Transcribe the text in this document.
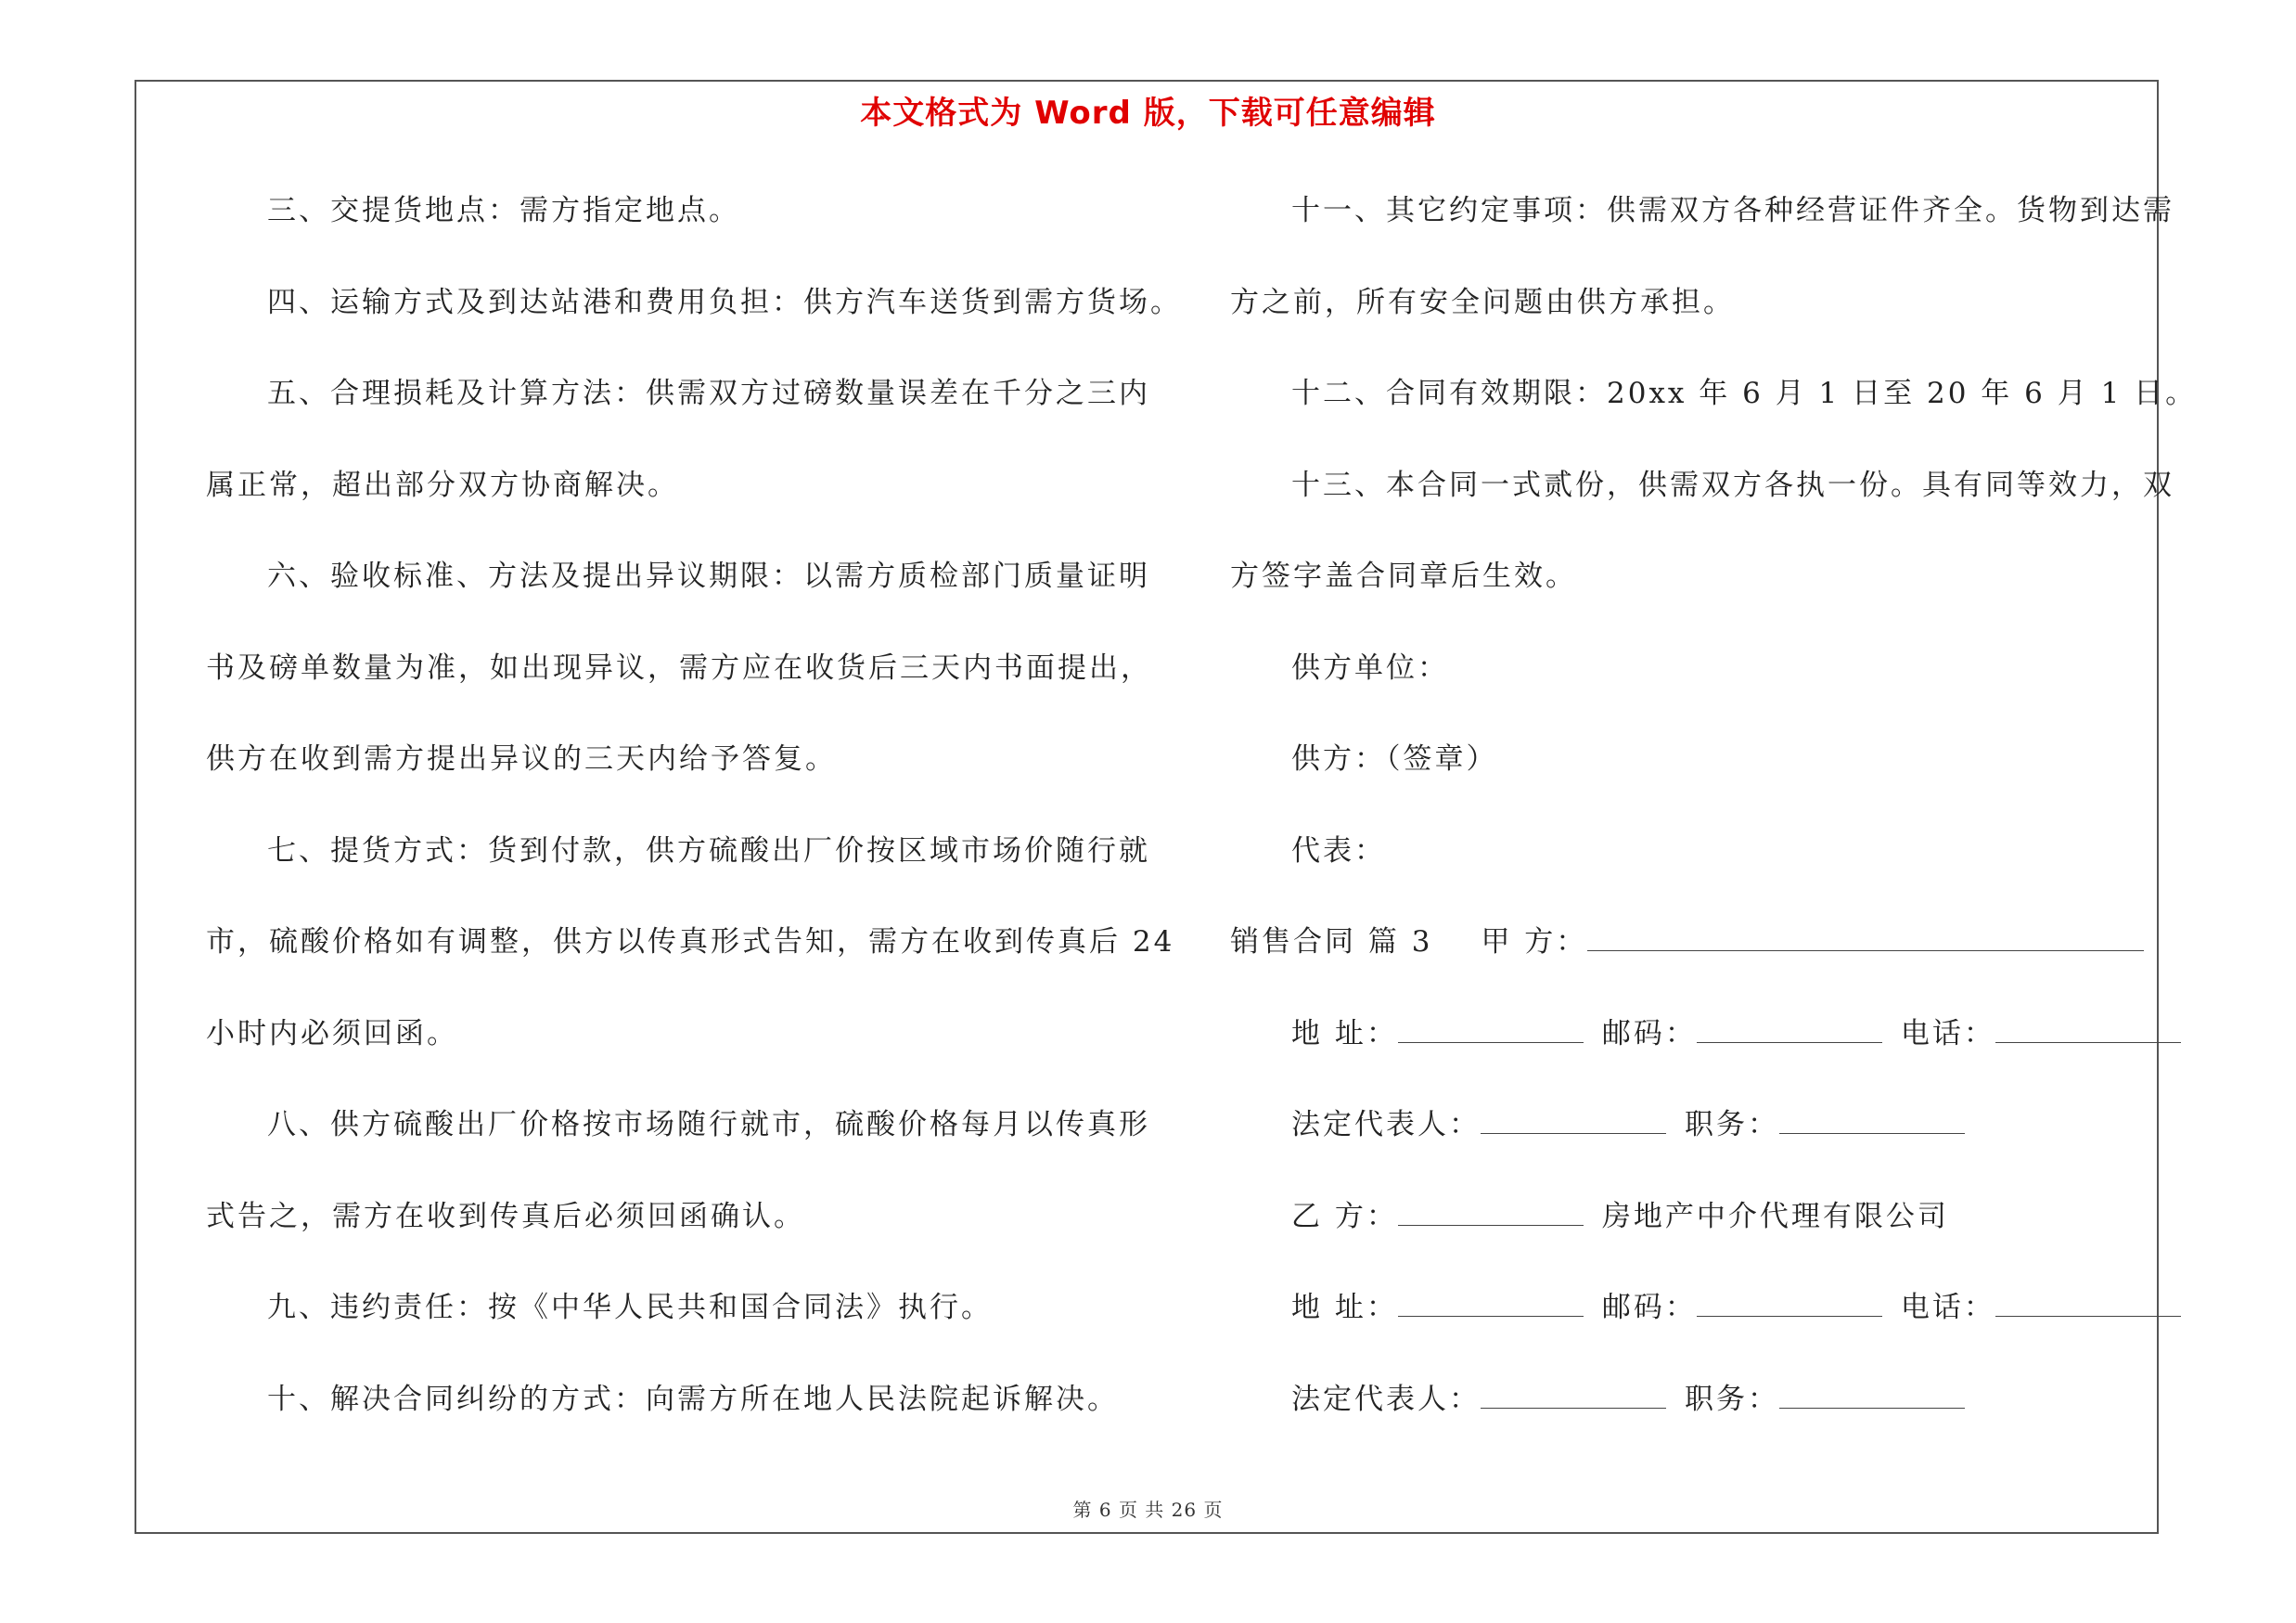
本文格式为 Word 版，下载可任意编辑
三、交提货地点：需方指定地点。
四、运输方式及到达站港和费用负担：供方汽车送货到需方货场。
五、合理损耗及计算方法：供需双方过磅数量误差在千分之三内
属正常，超出部分双方协商解决。
六、验收标准、方法及提出异议期限：以需方质检部门质量证明
书及磅单数量为准，如出现异议，需方应在收货后三天内书面提出，
供方在收到需方提出异议的三天内给予答复。
七、提货方式：货到付款，供方硫酸出厂价按区域市场价随行就
市，硫酸价格如有调整，供方以传真形式告知，需方在收到传真后 24
小时内必须回函。
八、供方硫酸出厂价格按市场随行就市，硫酸价格每月以传真形
式告之，需方在收到传真后必须回函确认。
九、违约责任：按《中华人民共和国合同法》执行。
十、解决合同纠纷的方式：向需方所在地人民法院起诉解决。
十一、其它约定事项：供需双方各种经营证件齐全。货物到达需
方之前，所有安全问题由供方承担。
十二、合同有效期限：20xx 年 6 月 1 日至 20 年 6 月 1 日。
十三、本合同一式贰份，供需双方各执一份。具有同等效力，双
方签字盖合同章后生效。
供方单位：
供方：（签章）
代表：
销售合同 篇 3 甲 方：
地 址：	邮码：	电话：
法定代表人：	职务：
乙 方：	房地产中介代理有限公司
地 址：	邮码：	电话：
法定代表人：	职务：
第 6 页 共 26 页
